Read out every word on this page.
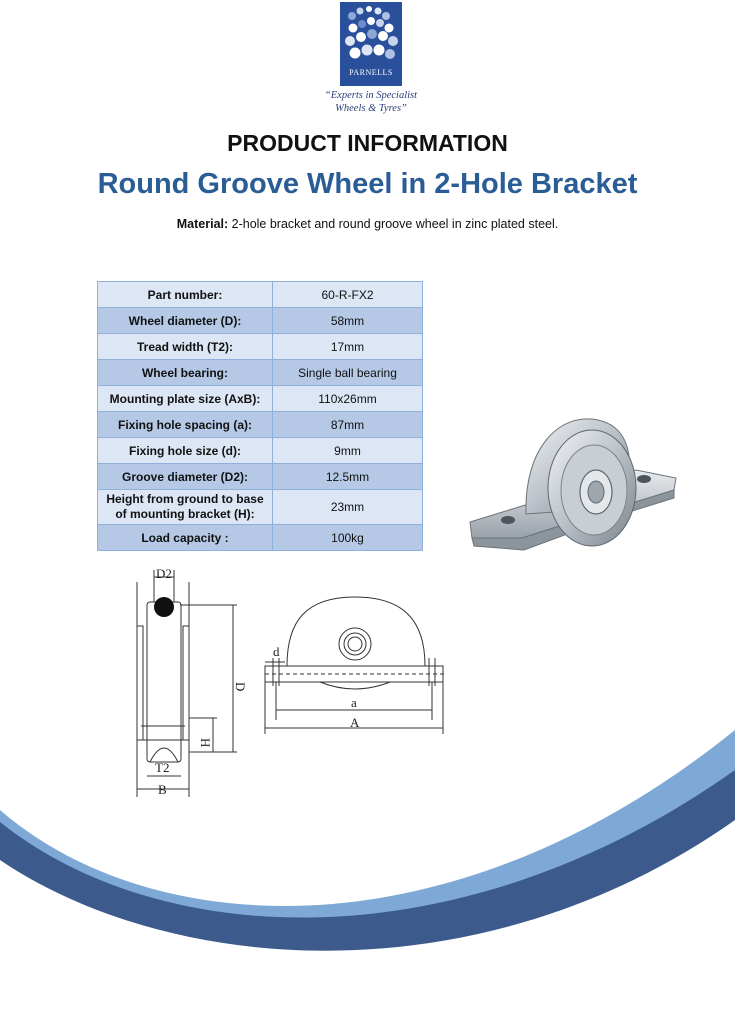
PARNELLS
“Experts in Specialist
Wheels & Tyres”
PRODUCT INFORMATION
Round Groove Wheel in 2-Hole Bracket
Material: 2-hole bracket and round groove wheel in zinc plated steel.
Part number:	60-R-FX2
Wheel diameter (D):	58mm
Tread width (T2):	17mm
Wheel bearing:	Single ball bearing
Mounting plate size (AxB):	110x26mm
Fixing hole spacing (a):	87mm
Fixing hole size (d):	9mm
Groove diameter (D2):	12.5mm
Height from ground to base
of mounting bracket (H):	23mm
Load capacity :	100kg
D2
D
H
T2
B
d
a
A
